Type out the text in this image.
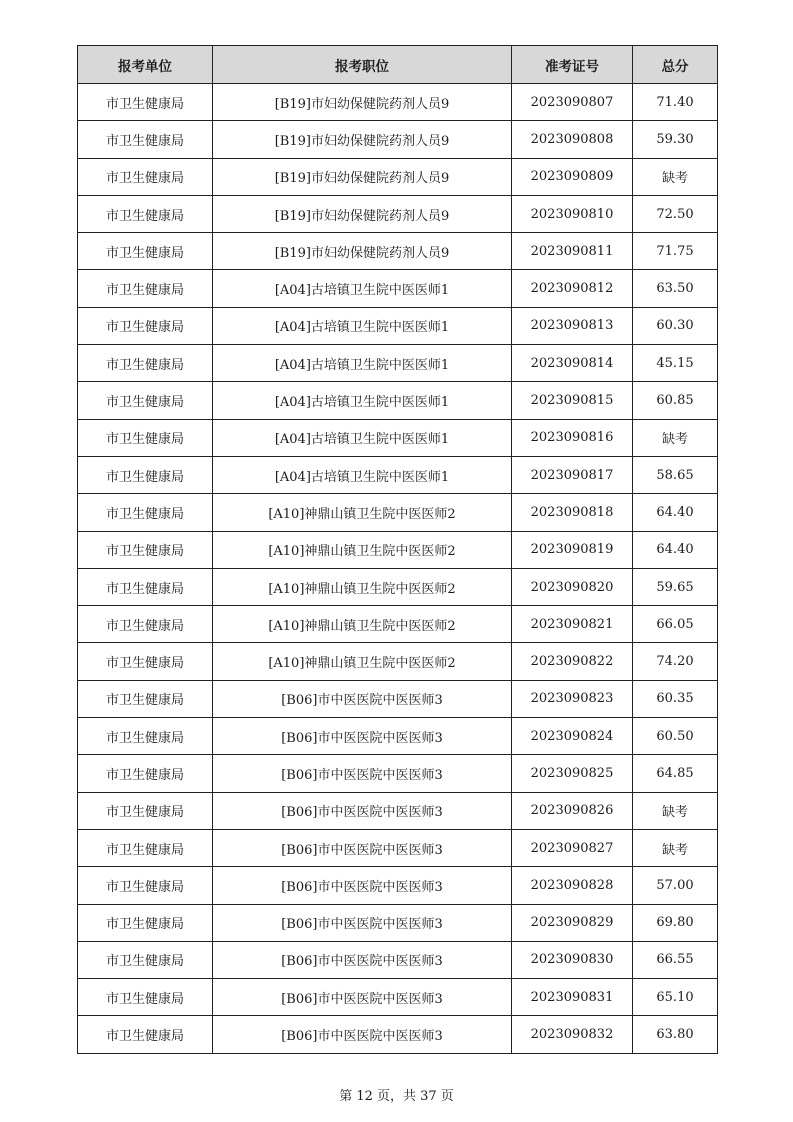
报考单位	报考职位	准考证号	总分
市卫生健康局	[B19]市妇幼保健院药剂人员9	2023090807	71.40
市卫生健康局	[B19]市妇幼保健院药剂人员9	2023090808	59.30
市卫生健康局	[B19]市妇幼保健院药剂人员9	2023090809	缺考
市卫生健康局	[B19]市妇幼保健院药剂人员9	2023090810	72.50
市卫生健康局	[B19]市妇幼保健院药剂人员9	2023090811	71.75
市卫生健康局	[A04]古培镇卫生院中医医师1	2023090812	63.50
市卫生健康局	[A04]古培镇卫生院中医医师1	2023090813	60.30
市卫生健康局	[A04]古培镇卫生院中医医师1	2023090814	45.15
市卫生健康局	[A04]古培镇卫生院中医医师1	2023090815	60.85
市卫生健康局	[A04]古培镇卫生院中医医师1	2023090816	缺考
市卫生健康局	[A04]古培镇卫生院中医医师1	2023090817	58.65
市卫生健康局	[A10]神鼎山镇卫生院中医医师2	2023090818	64.40
市卫生健康局	[A10]神鼎山镇卫生院中医医师2	2023090819	64.40
市卫生健康局	[A10]神鼎山镇卫生院中医医师2	2023090820	59.65
市卫生健康局	[A10]神鼎山镇卫生院中医医师2	2023090821	66.05
市卫生健康局	[A10]神鼎山镇卫生院中医医师2	2023090822	74.20
市卫生健康局	[B06]市中医医院中医医师3	2023090823	60.35
市卫生健康局	[B06]市中医医院中医医师3	2023090824	60.50
市卫生健康局	[B06]市中医医院中医医师3	2023090825	64.85
市卫生健康局	[B06]市中医医院中医医师3	2023090826	缺考
市卫生健康局	[B06]市中医医院中医医师3	2023090827	缺考
市卫生健康局	[B06]市中医医院中医医师3	2023090828	57.00
市卫生健康局	[B06]市中医医院中医医师3	2023090829	69.80
市卫生健康局	[B06]市中医医院中医医师3	2023090830	66.55
市卫生健康局	[B06]市中医医院中医医师3	2023090831	65.10
市卫生健康局	[B06]市中医医院中医医师3	2023090832	63.80
第 12 页，共 37 页
